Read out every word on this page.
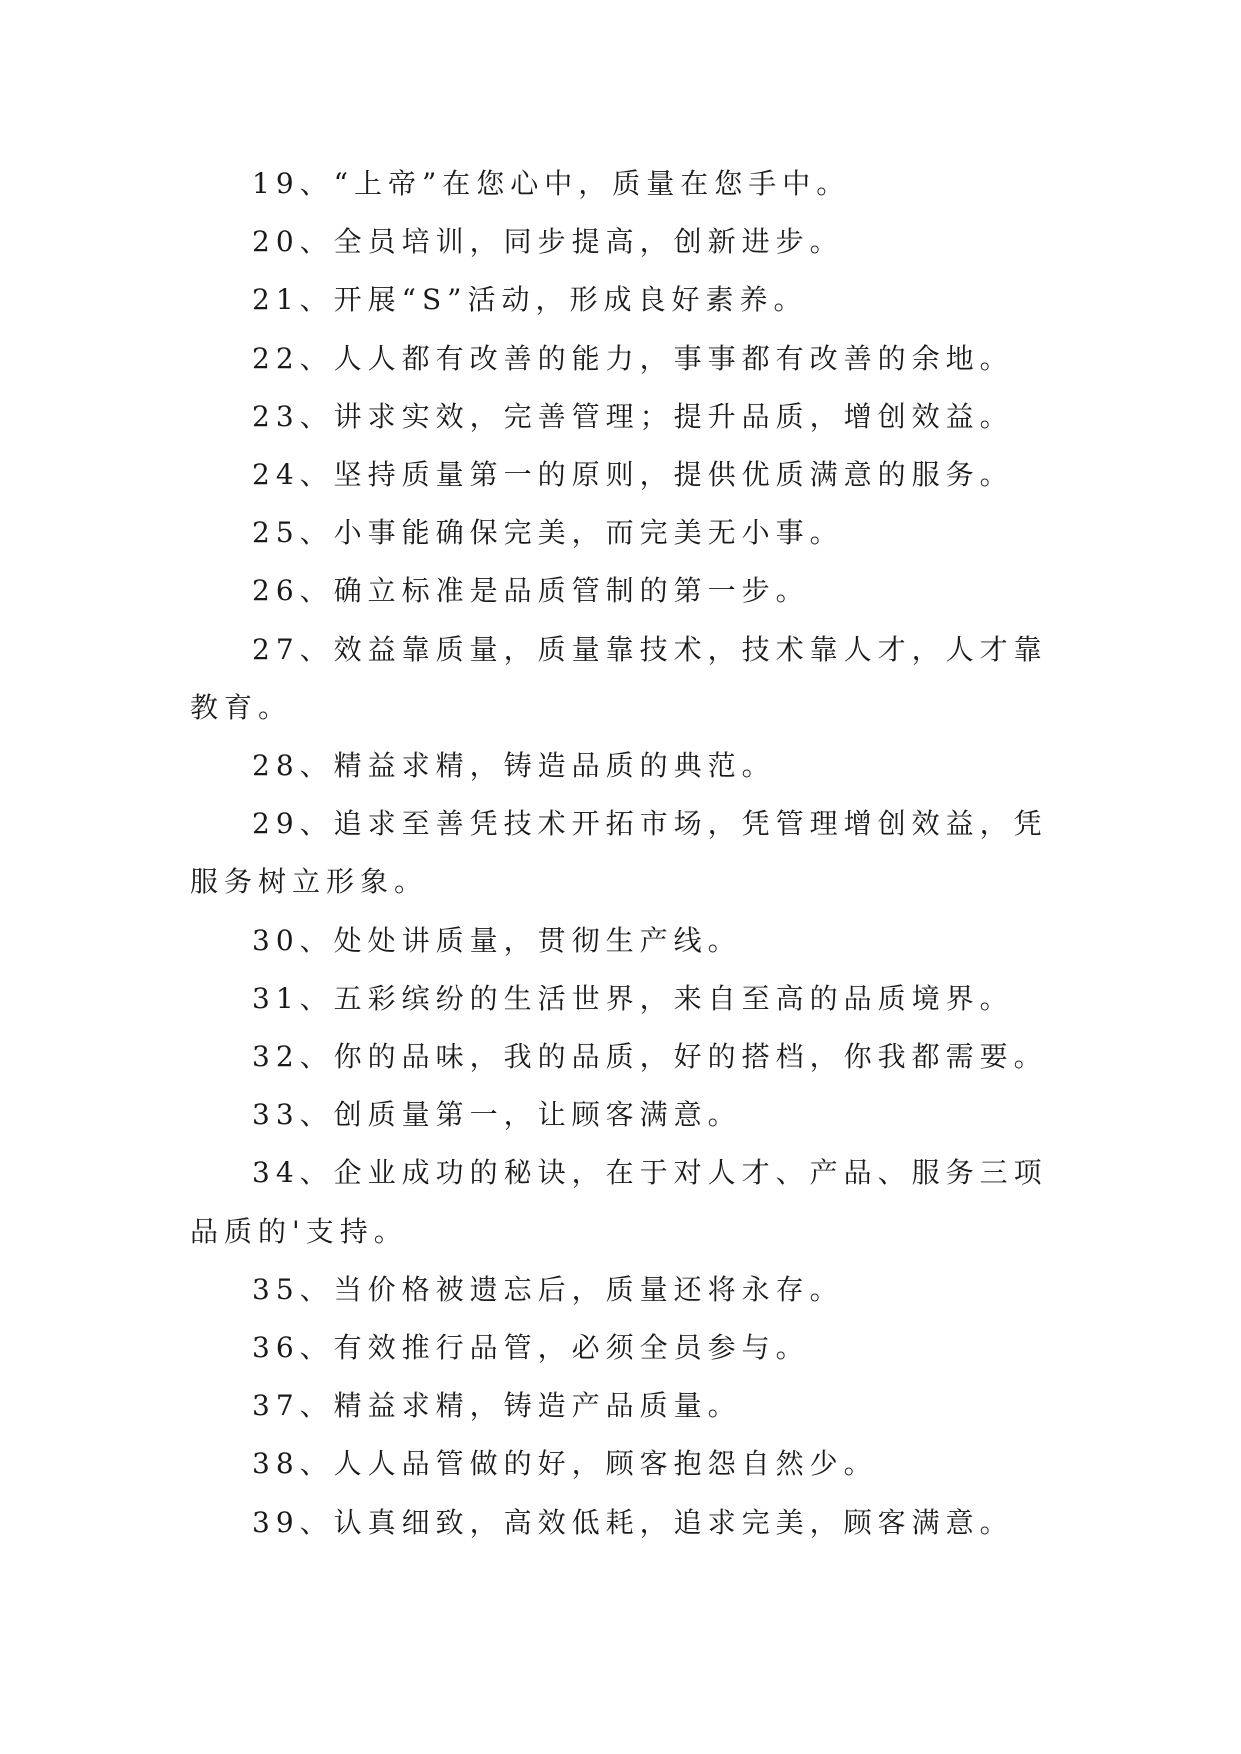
19、“上帝”在您心中，质量在您手中。

20、全员培训，同步提高，创新进步。

21、开展“S”活动，形成良好素养。

22、人人都有改善的能力，事事都有改善的余地。

23、讲求实效，完善管理；提升品质，增创效益。

24、坚持质量第一的原则，提供优质满意的服务。

25、小事能确保完美，而完美无小事。

26、确立标准是品质管制的第一步。

27、效益靠质量，质量靠技术，技术靠人才，人才靠教育。

28、精益求精，铸造品质的典范。

29、追求至善凭技术开拓市场，凭管理增创效益，凭服务树立形象。

30、处处讲质量，贯彻生产线。

31、五彩缤纷的生活世界，来自至高的品质境界。

32、你的品味，我的品质，好的搭档，你我都需要。

33、创质量第一，让顾客满意。

34、企业成功的秘诀，在于对人才、产品、服务三项品质的'支持。

35、当价格被遗忘后，质量还将永存。

36、有效推行品管，必须全员参与。

37、精益求精，铸造产品质量。

38、人人品管做的好，顾客抱怨自然少。

39、认真细致，高效低耗，追求完美，顾客满意。
